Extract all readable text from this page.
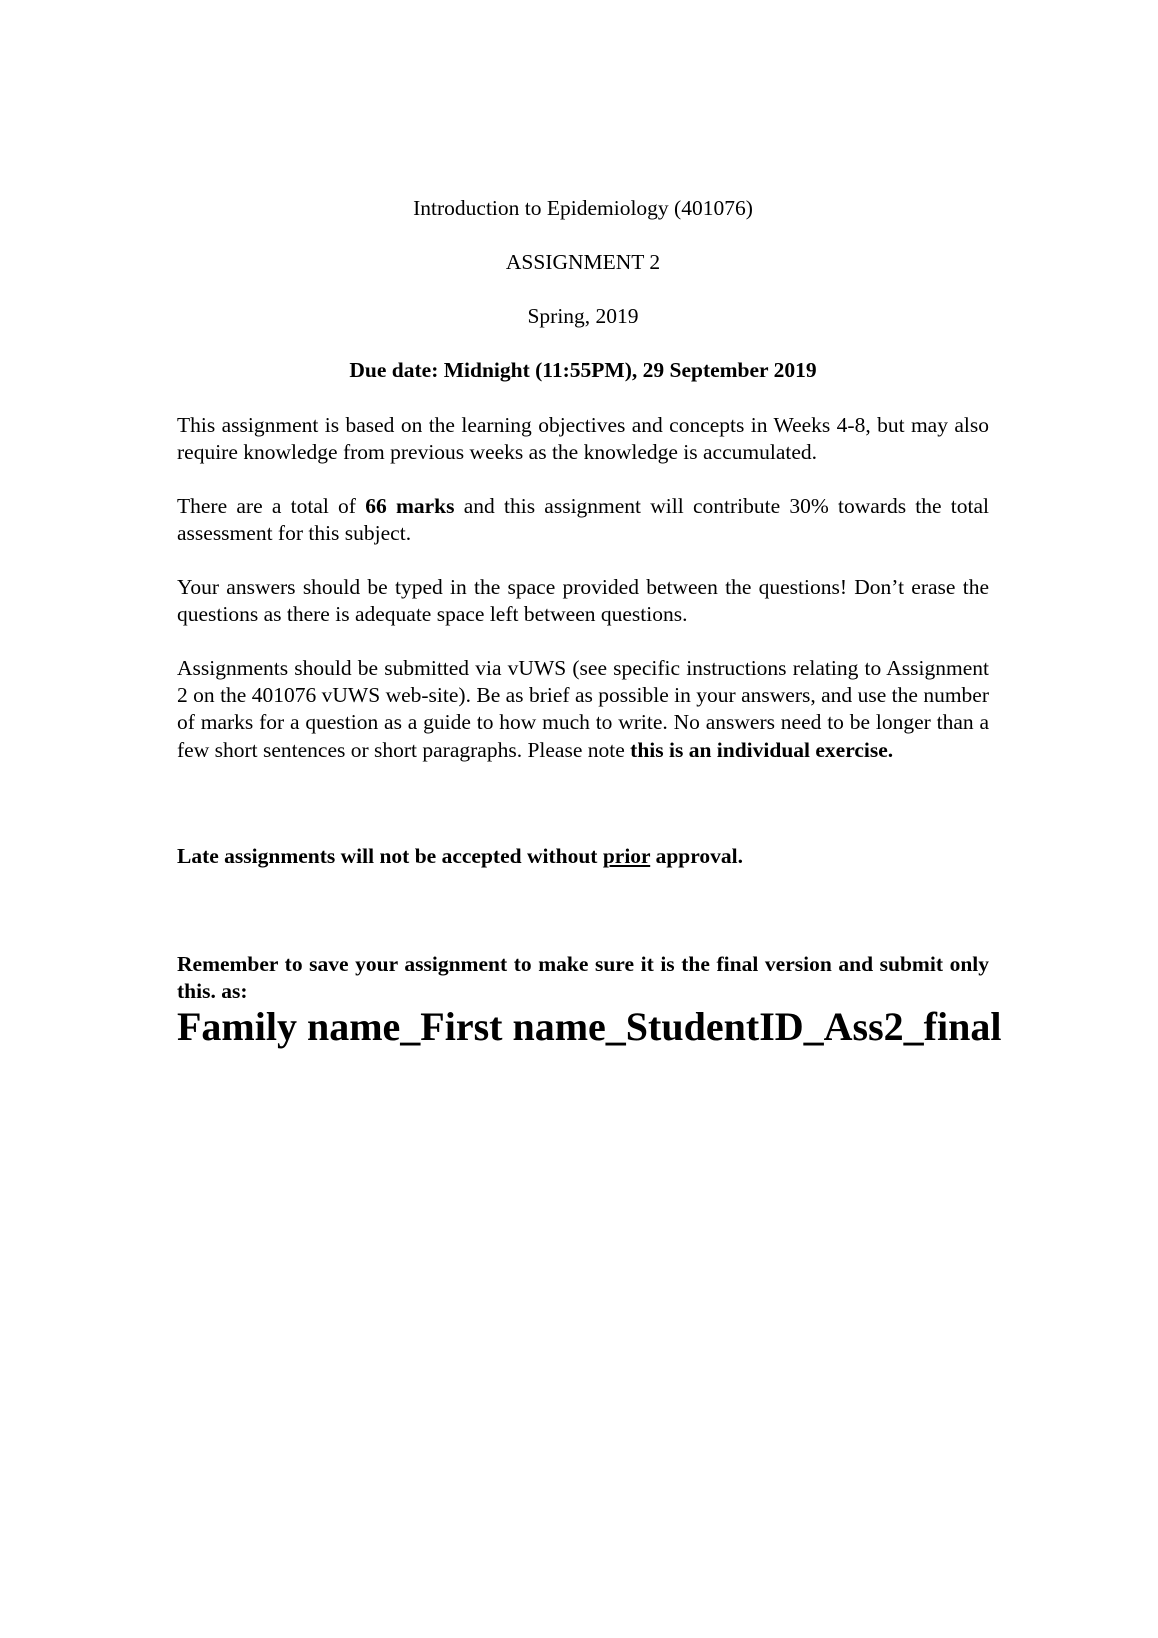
Introduction to Epidemiology (401076)

ASSIGNMENT 2

Spring, 2019

Due date: Midnight (11:55PM), 29 September 2019

This assignment is based on the learning objectives and concepts in Weeks 4-8, but may also require knowledge from previous weeks as the knowledge is accumulated.

There are a total of 66 marks and this assignment will contribute 30% towards the total assessment for this subject.

Your answers should be typed in the space provided between the questions! Don’t erase the questions as there is adequate space left between questions.

Assignments should be submitted via vUWS (see specific instructions relating to Assignment 2 on the 401076 vUWS web-site). Be as brief as possible in your answers, and use the number of marks for a question as a guide to how much to write. No answers need to be longer than a few short sentences or short paragraphs. Please note this is an individual exercise.

Late assignments will not be accepted without prior approval.

Remember to save your assignment to make sure it is the final version and submit only this. as:

Family name_First name_StudentID_Ass2_final
